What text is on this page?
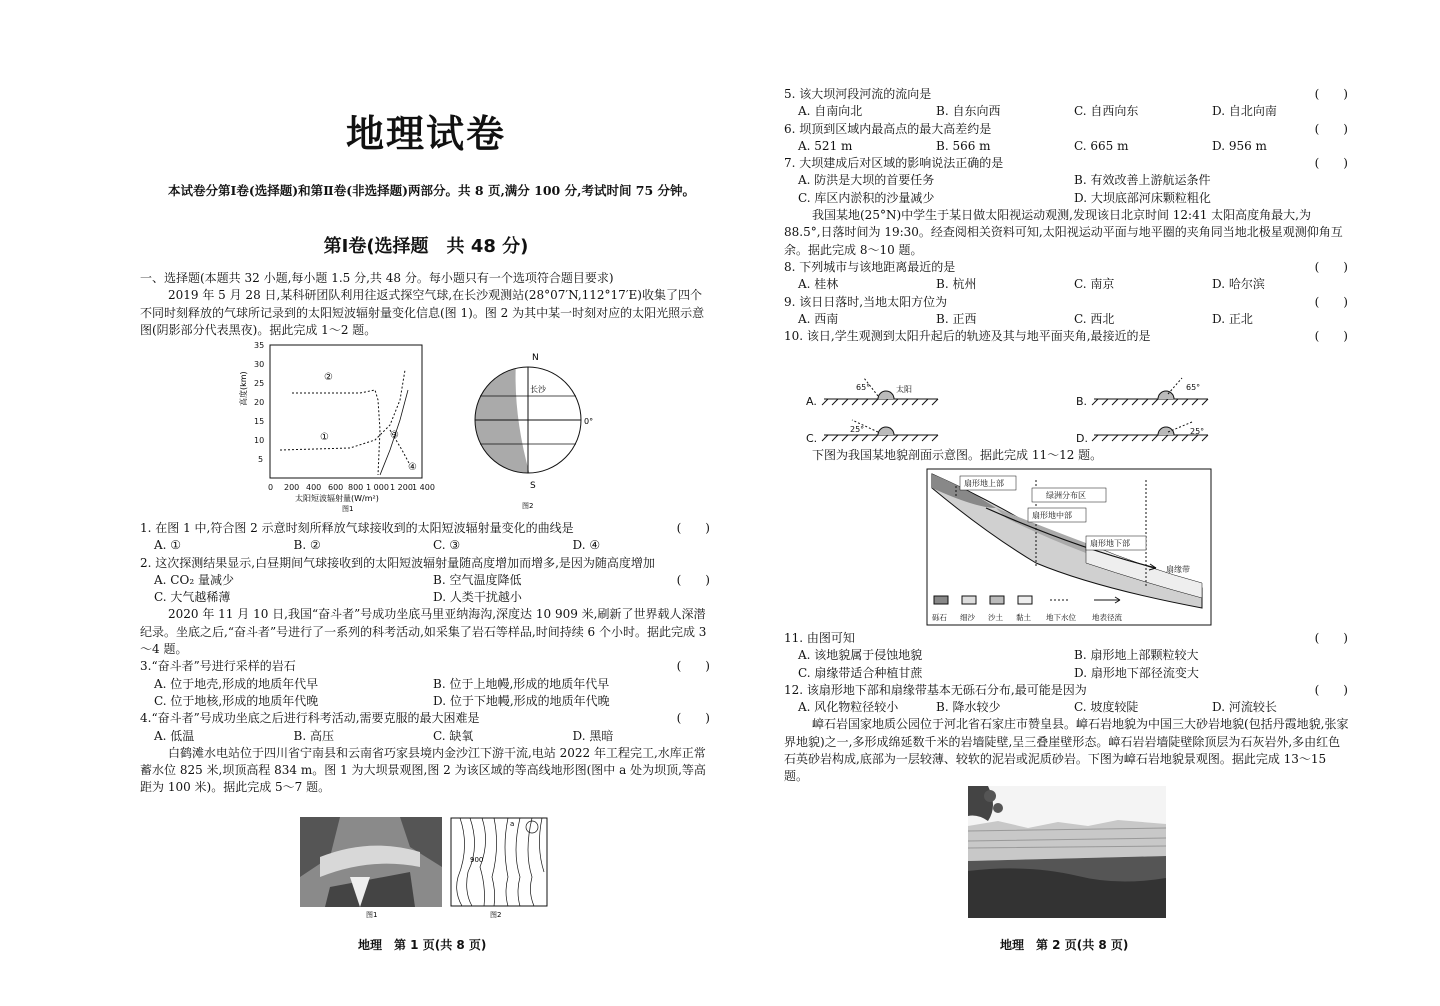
地理试卷
本试卷分第Ⅰ卷(选择题)和第Ⅱ卷(非选择题)两部分。共 8 页,满分 100 分,考试时间 75 分钟。
第Ⅰ卷(选择题　共 48 分)

一、选择题(本题共 32 小题,每小题 1.5 分,共 48 分。每小题只有一个选项符合题目要求)

2019 年 5 月 28 日,某科研团队利用往返式探空气球,在长沙观测站(28°07′N,112°17′E)收集了四个不同时刻释放的气球所记录到的太阳短波辐射量变化信息(图 1)。图 2 为其中某一时刻对应的太阳光照示意图(阴影部分代表黑夜)。据此完成 1～2 题。

35
30
25
20
15
10
5
0 200 400 600 800 1 000 1 200 1 400
高度(km)
太阳短波辐射量(W/m²)
图1
②
①	③
④
N
S
长沙
0°
图2

1. 在图 1 中,符合图 2 示意时刻所释放气球接收到的太阳短波辐射量变化的曲线是	(　　)

A. ①	B. ②	C. ③	D. ④

2. 这次探测结果显示,白昼期间气球接收到的太阳短波辐射量随高度增加而增多,是因为随高度增加
(　　)

A. CO₂ 量减少	B. 空气温度降低
C. 大气越稀薄	D. 人类干扰越小

2020 年 11 月 10 日,我国“奋斗者”号成功坐底马里亚纳海沟,深度达 10 909 米,刷新了世界载人深潜纪录。坐底之后,“奋斗者”号进行了一系列的科考活动,如采集了岩石等样品,时间持续 6 个小时。据此完成 3～4 题。

3.“奋斗者”号进行采样的岩石	(　　)

A. 位于地壳,形成的地质年代早	B. 位于上地幔,形成的地质年代早
C. 位于地核,形成的地质年代晚	D. 位于下地幔,形成的地质年代晚

4.“奋斗者”号成功坐底之后进行科考活动,需要克服的最大困难是	(　　)

A. 低温	B. 高压	C. 缺氧	D. 黑暗

白鹤滩水电站位于四川省宁南县和云南省巧家县境内金沙江下游干流,电站 2022 年工程完工,水库正常蓄水位 825 米,坝顶高程 834 m。图 1 为大坝景观图,图 2 为该区域的等高线地形图(图中 a 处为坝顶,等高距为 100 米)。据此完成 5～7 题。

图1
a
900
图2
地理　第 1 页(共 8 页)

5. 该大坝河段河流的流向是	(　　)

A. 自南向北	B. 自东向西	C. 自西向东	D. 自北向南

6. 坝顶到区域内最高点的最大高差约是	(　　)

A. 521 m	B. 566 m	C. 665 m	D. 956 m

7. 大坝建成后对区域的影响说法正确的是	(　　)

A. 防洪是大坝的首要任务	B. 有效改善上游航运条件
C. 库区内淤积的沙量减少	D. 大坝底部河床颗粒粗化

我国某地(25°N)中学生于某日做太阳视运动观测,发现该日北京时间 12:41 太阳高度角最大,为 88.5°,日落时间为 19:30。经查阅相关资料可知,太阳视运动平面与地平圈的夹角同当地北极星观测仰角互余。据此完成 8～10 题。

8. 下列城市与该地距离最近的是	(　　)

A. 桂林	B. 杭州	C. 南京	D. 哈尔滨

9. 该日日落时,当地太阳方位为	(　　)

A. 西南	B. 正西	C. 西北	D. 正北

10. 该日,学生观测到太阳升起后的轨迹及其与地平面夹角,最接近的是	(　　)

A.	B.
C.	D.
65°	太阳	65°
25°	25°

下图为我国某地貌剖面示意图。据此完成 11～12 题。

扇形地上部
绿洲分布区
扇形地中部
扇形地下部
扇缘带
砾石 细沙 沙土 黏土 地下水位 地表径流

11. 由图可知	(　　)

A. 该地貌属于侵蚀地貌	B. 扇形地上部颗粒较大
C. 扇缘带适合种植甘蔗	D. 扇形地下部径流变大

12. 该扇形地下部和扇缘带基本无砾石分布,最可能是因为	(　　)

A. 风化物粒径较小	B. 降水较少	C. 坡度较陡	D. 河流较长

嶂石岩国家地质公园位于河北省石家庄市赞皇县。嶂石岩地貌为中国三大砂岩地貌(包括丹霞地貌,张家界地貌)之一,多形成绵延数千米的岩墙陡壁,呈三叠崖壁形态。嶂石岩岩墙陡壁除顶层为石灰岩外,多由红色石英砂岩构成,底部为一层较薄、较软的泥岩或泥质砂岩。下图为嶂石岩地貌景观图。据此完成 13～15 题。

地理　第 2 页(共 8 页)
